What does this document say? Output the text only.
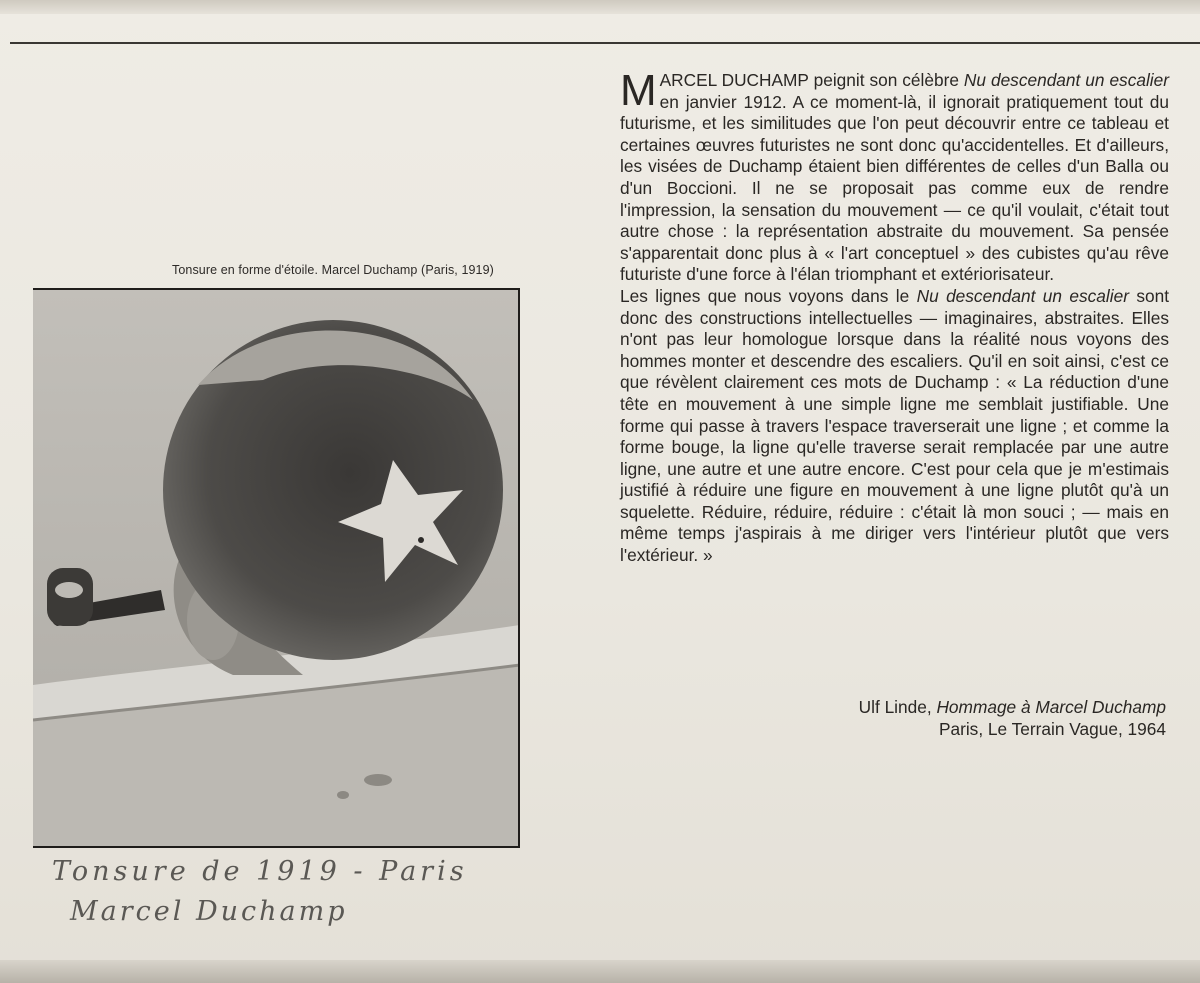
Tonsure en forme d'étoile. Marcel Duchamp (Paris, 1919)
Tonsure de 1919 - Paris
Marcel Duchamp

MARCEL DUCHAMP peignit son célèbre Nu descendant un escalier en janvier 1912. A ce moment-là, il ignorait pratiquement tout du futurisme, et les similitudes que l'on peut découvrir entre ce tableau et certaines œuvres futuristes ne sont donc qu'accidentelles. Et d'ailleurs, les visées de Duchamp étaient bien différentes de celles d'un Balla ou d'un Boccioni. Il ne se proposait pas comme eux de rendre l'impression, la sensation du mouvement — ce qu'il voulait, c'était tout autre chose : la représentation abstraite du mouvement. Sa pensée s'apparentait donc plus à « l'art conceptuel » des cubistes qu'au rêve futuriste d'une force à l'élan triomphant et extériorisateur.

Les lignes que nous voyons dans le Nu descendant un escalier sont donc des constructions intellectuelles — imaginaires, abstraites. Elles n'ont pas leur homologue lorsque dans la réalité nous voyons des hommes monter et descendre des escaliers. Qu'il en soit ainsi, c'est ce que révèlent clairement ces mots de Duchamp : « La réduction d'une tête en mouvement à une simple ligne me semblait justifiable. Une forme qui passe à travers l'espace traverserait une ligne ; et comme la forme bouge, la ligne qu'elle traverse serait remplacée par une autre ligne, une autre et une autre encore. C'est pour cela que je m'estimais justifié à réduire une figure en mouvement à une ligne plutôt qu'à un squelette. Réduire, réduire, réduire : c'était là mon souci ; — mais en même temps j'aspirais à me diriger vers l'intérieur plutôt que vers l'extérieur. »

Ulf Linde, Hommage à Marcel Duchamp
Paris, Le Terrain Vague, 1964
